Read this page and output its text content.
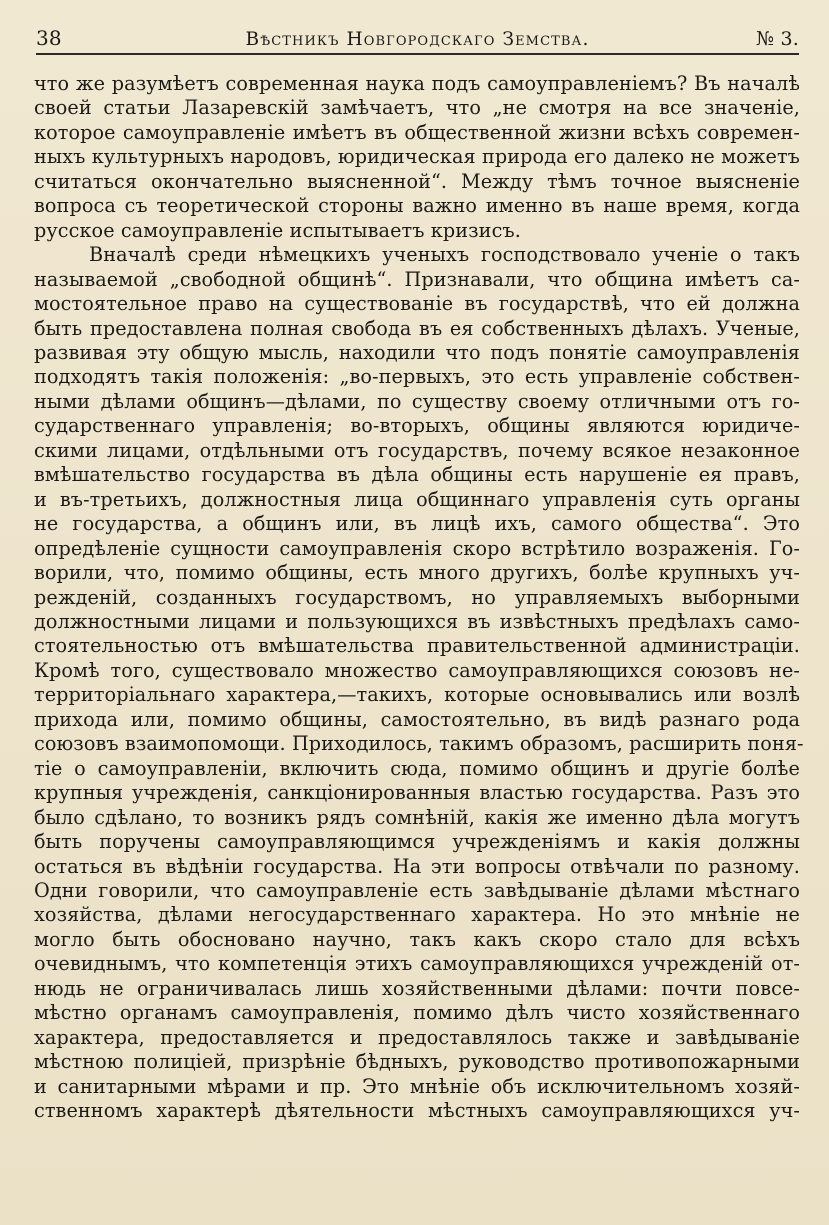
38	Вѣстникъ Новгородскаго Земства.	№ 3.
что же разумѣетъ современная наука подъ самоуправленіемъ? Въ началѣ
своей статьи Лазаревскій замѣчаетъ, что „не смотря на все значеніе,
которое самоуправленіе имѣетъ въ общественной жизни всѣхъ современ-
ныхъ культурныхъ народовъ, юридическая природа его далеко не можетъ
считаться окончательно выясненной“. Между тѣмъ точное выясненіе
вопроса съ теоретической стороны важно именно въ наше время, когда
русское самоуправленіе испытываетъ кризисъ.
Вначалѣ среди нѣмецкихъ ученыхъ господствовало ученіе о такъ
называемой „свободной общинѣ“. Признавали, что община имѣетъ са-
мостоятельное право на существованіе въ государствѣ, что ей должна
быть предоставлена полная свобода въ ея собственныхъ дѣлахъ. Ученые,
развивая эту общую мысль, находили что подъ понятіе самоуправленія
подходятъ такія положенія: „во-первыхъ, это есть управленіе собствен-
ными дѣлами общинъ—дѣлами, по существу своему отличными отъ го-
сударственнаго управленія; во-вторыхъ, общины являются юридиче-
скими лицами, отдѣльными отъ государствъ, почему всякое незаконное
вмѣшательство государства въ дѣла общины есть нарушеніе ея правъ,
и въ-третьихъ, должностныя лица общиннаго управленія суть органы
не государства, а общинъ или, въ лицѣ ихъ, самого общества“. Это
опредѣленіе сущности самоуправленія скоро встрѣтило возраженія. Го-
ворили, что, помимо общины, есть много другихъ, болѣе крупныхъ уч-
режденій, созданныхъ государствомъ, но управляемыхъ выборными
должностными лицами и пользующихся въ извѣстныхъ предѣлахъ само-
стоятельностью отъ вмѣшательства правительственной администраціи.
Кромѣ того, существовало множество самоуправляющихся союзовъ не-
территоріальнаго характера,—такихъ, которые основывались или возлѣ
прихода или, помимо общины, самостоятельно, въ видѣ разнаго рода
союзовъ взаимопомощи. Приходилось, такимъ образомъ, расширить поня-
тіе о самоуправленіи, включить сюда, помимо общинъ и другіе болѣе
крупныя учрежденія, санкціонированныя властью государства. Разъ это
было сдѣлано, то возникъ рядъ сомнѣній, какія же именно дѣла могутъ
быть поручены самоуправляющимся учрежденіямъ и какія должны
остаться въ вѣдѣніи государства. На эти вопросы отвѣчали по разному.
Одни говорили, что самоуправленіе есть завѣдываніе дѣлами мѣстнаго
хозяйства, дѣлами негосударственнаго характера. Но это мнѣніе не
могло быть обосновано научно, такъ какъ скоро стало для всѣхъ
очевиднымъ, что компетенція этихъ самоуправляющихся учрежденій от-
нюдь не ограничивалась лишь хозяйственными дѣлами: почти повсе-
мѣстно органамъ самоуправленія, помимо дѣлъ чисто хозяйственнаго
характера, предоставляется и предоставлялось также и завѣдываніе
мѣстною полиціей, призрѣніе бѣдныхъ, руководство противопожарными
и санитарными мѣрами и пр. Это мнѣніе объ исключительномъ хозяй-
ственномъ характерѣ дѣятельности мѣстныхъ самоуправляющихся уч-
